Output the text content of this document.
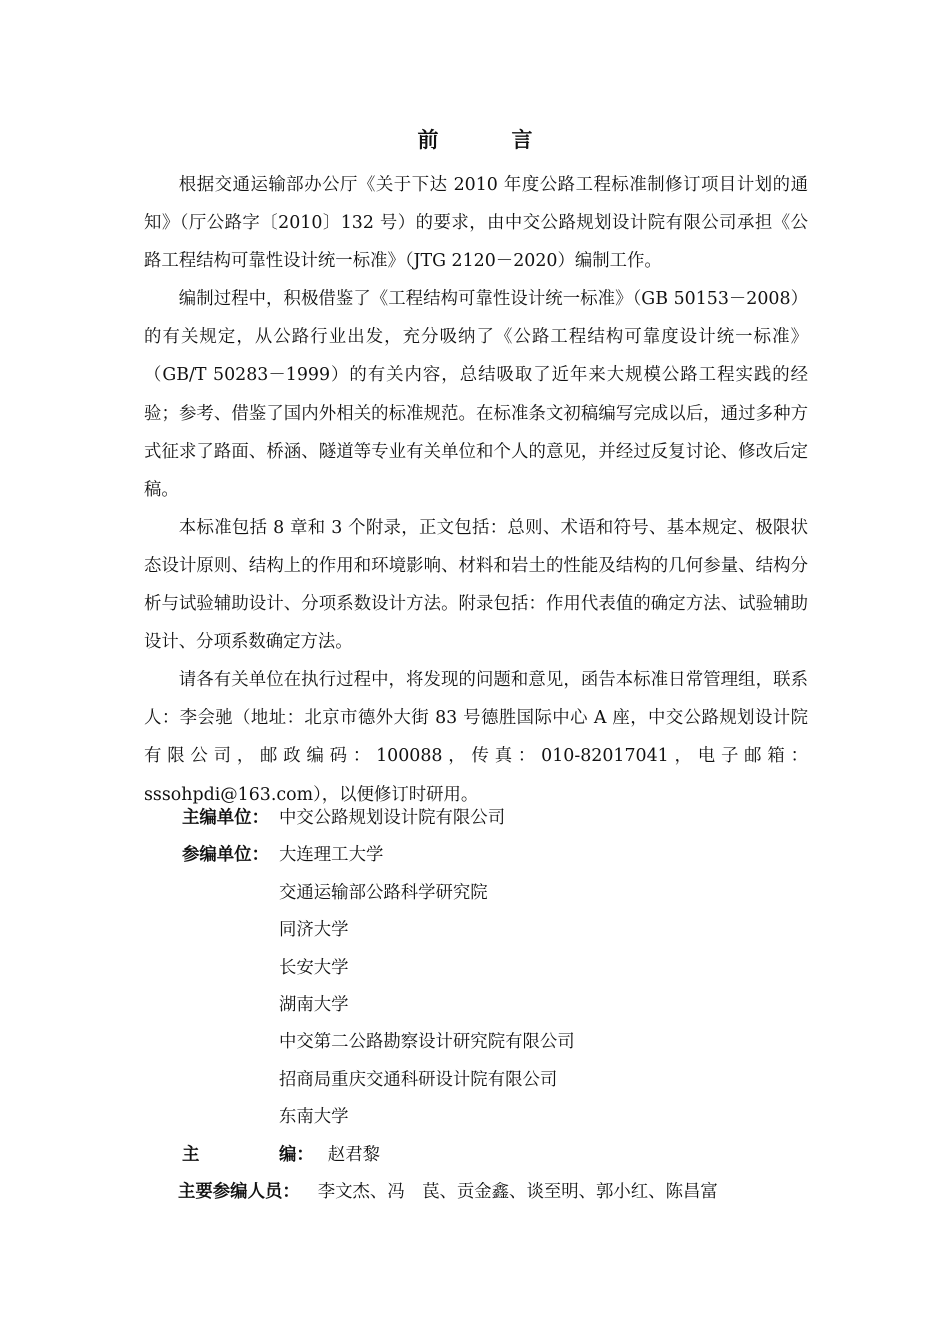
前　言

根据交通运输部办公厅《关于下达 2010 年度公路工程标准制修订项目计划的通知》（厅公路字〔2010〕132 号）的要求，由中交公路规划设计院有限公司承担《公路工程结构可靠性设计统一标准》（JTG 2120－2020）编制工作。

编制过程中，积极借鉴了《工程结构可靠性设计统一标准》（GB 50153－2008）的有关规定，从公路行业出发，充分吸纳了《公路工程结构可靠度设计统一标准》（GB/T 50283－1999）的有关内容，总结吸取了近年来大规模公路工程实践的经验；参考、借鉴了国内外相关的标准规范。在标准条文初稿编写完成以后，通过多种方式征求了路面、桥涵、隧道等专业有关单位和个人的意见，并经过反复讨论、修改后定稿。

本标准包括 8 章和 3 个附录，正文包括：总则、术语和符号、基本规定、极限状态设计原则、结构上的作用和环境影响、材料和岩土的性能及结构的几何参量、结构分析与试验辅助设计、分项系数设计方法。附录包括：作用代表值的确定方法、试验辅助设计、分项系数确定方法。

请各有关单位在执行过程中，将发现的问题和意见，函告本标准日常管理组，联系人：李会驰（地址：北京市德外大街 83 号德胜国际中心 A 座，中交公路规划设计院有限公司，邮政编码：100088，传真：010-82017041，电子邮箱：sssohpdi@163.com），以便修订时研用。

主编单位： 中交公路规划设计院有限公司
参编单位： 大连理工大学
交通运输部公路科学研究院
同济大学
长安大学
湖南大学
中交第二公路勘察设计研究院有限公司
招商局重庆交通科研设计院有限公司
东南大学
主	编： 赵君黎
主要参编人员： 李文杰、冯　苠、贡金鑫、谈至明、郭小红、陈昌富
